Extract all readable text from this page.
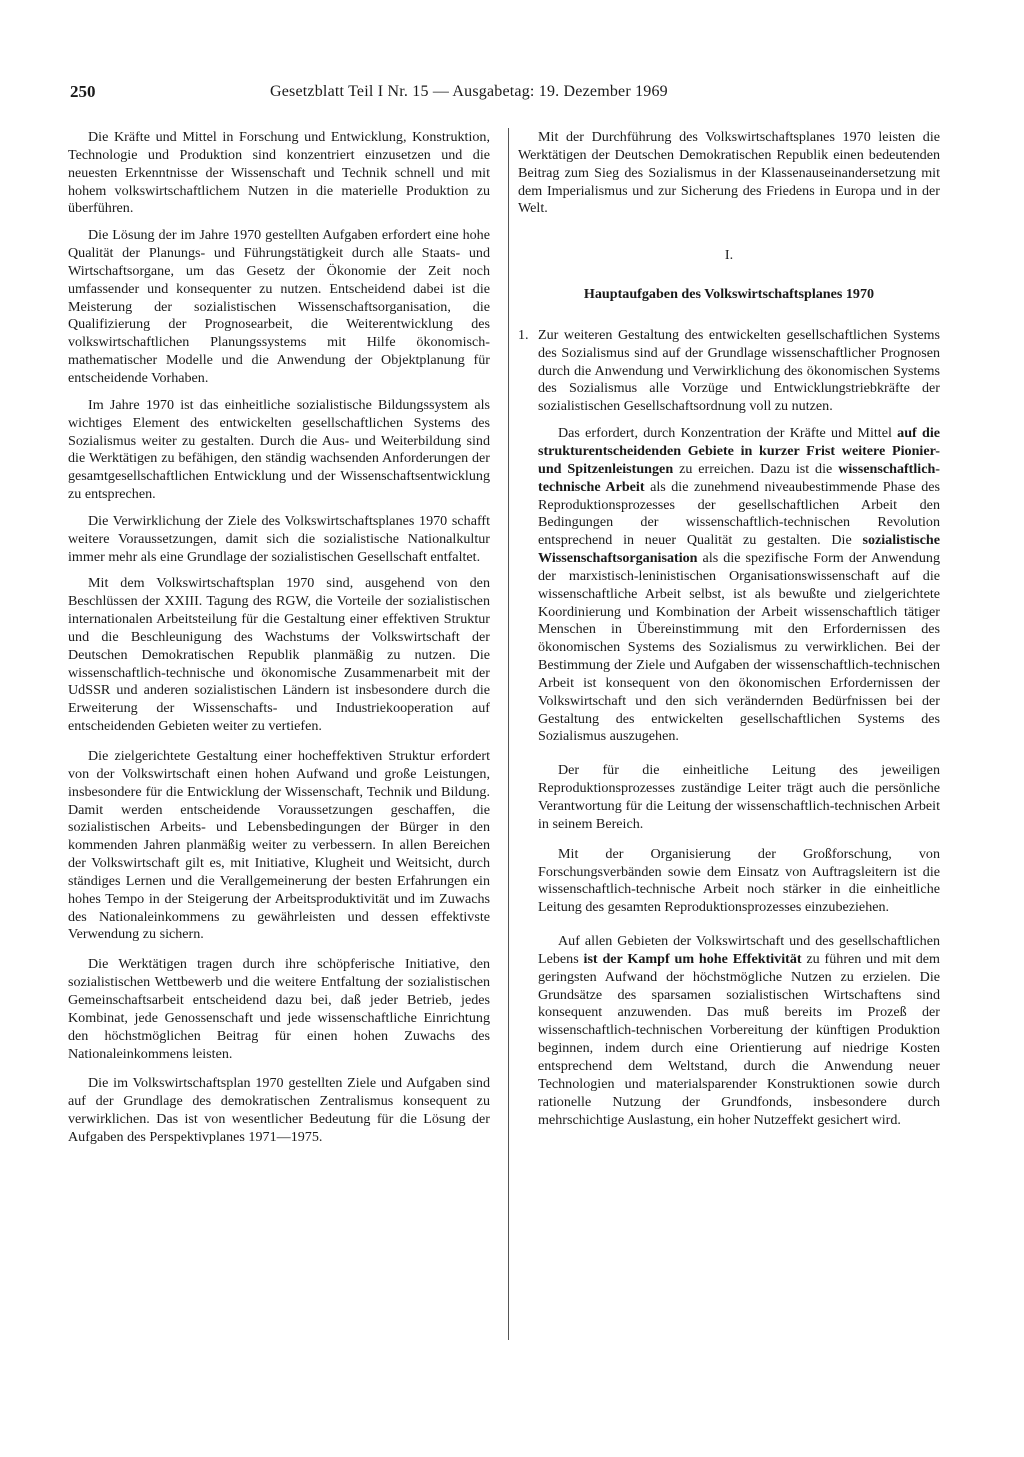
250	Gesetzblatt Teil I Nr. 15 — Ausgabetag: 19. Dezember 1969

Die Kräfte und Mittel in Forschung und Entwicklung, Konstruktion, Technologie und Produktion sind konzentriert einzusetzen und die neuesten Erkenntnisse der Wissenschaft und Technik schnell und mit hohem volkswirtschaftlichem Nutzen in die materielle Produktion zu überführen.

Die Lösung der im Jahre 1970 gestellten Aufgaben erfordert eine hohe Qualität der Planungs- und Führungstätigkeit durch alle Staats- und Wirtschaftsorgane, um das Gesetz der Ökonomie der Zeit noch umfassender und konsequenter zu nutzen. Entscheidend dabei ist die Meisterung der sozialistischen Wissenschaftsorganisation, die Qualifizierung der Prognosearbeit, die Weiterentwicklung des volkswirtschaftlichen Planungssystems mit Hilfe ökonomisch-mathematischer Modelle und die Anwendung der Objektplanung für entscheidende Vorhaben.

Im Jahre 1970 ist das einheitliche sozialistische Bildungssystem als wichtiges Element des entwickelten gesellschaftlichen Systems des Sozialismus weiter zu gestalten. Durch die Aus- und Weiterbildung sind die Werktätigen zu befähigen, den ständig wachsenden Anforderungen der gesamtgesellschaftlichen Entwicklung und der Wissenschaftsentwicklung zu entsprechen.

Die Verwirklichung der Ziele des Volkswirtschaftsplanes 1970 schafft weitere Voraussetzungen, damit sich die sozialistische Nationalkultur immer mehr als eine Grundlage der sozialistischen Gesellschaft entfaltet.

Mit dem Volkswirtschaftsplan 1970 sind, ausgehend von den Beschlüssen der XXIII. Tagung des RGW, die Vorteile der sozialistischen internationalen Arbeitsteilung für die Gestaltung einer effektiven Struktur und die Beschleunigung des Wachstums der Volkswirtschaft der Deutschen Demokratischen Republik planmäßig zu nutzen. Die wissenschaftlich-technische und ökonomische Zusammenarbeit mit der UdSSR und anderen sozialistischen Ländern ist insbesondere durch die Erweiterung der Wissenschafts- und Industriekooperation auf entscheidenden Gebieten weiter zu vertiefen.

Die zielgerichtete Gestaltung einer hocheffektiven Struktur erfordert von der Volkswirtschaft einen hohen Aufwand und große Leistungen, insbesondere für die Entwicklung der Wissenschaft, Technik und Bildung. Damit werden entscheidende Voraussetzungen geschaffen, die sozialistischen Arbeits- und Lebensbedingungen der Bürger in den kommenden Jahren planmäßig weiter zu verbessern. In allen Bereichen der Volkswirtschaft gilt es, mit Initiative, Klugheit und Weitsicht, durch ständiges Lernen und die Verallgemeinerung der besten Erfahrungen ein hohes Tempo in der Steigerung der Arbeitsproduktivität und im Zuwachs des Nationaleinkommens zu gewährleisten und dessen effektivste Verwendung zu sichern.

Die Werktätigen tragen durch ihre schöpferische Initiative, den sozialistischen Wettbewerb und die weitere Entfaltung der sozialistischen Gemeinschaftsarbeit entscheidend dazu bei, daß jeder Betrieb, jedes Kombinat, jede Genossenschaft und jede wissenschaftliche Einrichtung den höchstmöglichen Beitrag für einen hohen Zuwachs des Nationaleinkommens leisten.

Die im Volkswirtschaftsplan 1970 gestellten Ziele und Aufgaben sind auf der Grundlage des demokratischen Zentralismus konsequent zu verwirklichen. Das ist von wesentlicher Bedeutung für die Lösung der Aufgaben des Perspektivplanes 1971—1975.

Mit der Durchführung des Volkswirtschaftsplanes 1970 leisten die Werktätigen der Deutschen Demokratischen Republik einen bedeutenden Beitrag zum Sieg des Sozialismus in der Klassenauseinandersetzung mit dem Imperialismus und zur Sicherung des Friedens in Europa und in der Welt.

I.

Hauptaufgaben des Volkswirtschaftsplanes 1970

1. Zur weiteren Gestaltung des entwickelten gesellschaftlichen Systems des Sozialismus sind auf der Grundlage wissenschaftlicher Prognosen durch die Anwendung und Verwirklichung des ökonomischen Systems des Sozialismus alle Vorzüge und Entwicklungstriebkräfte der sozialistischen Gesellschaftsordnung voll zu nutzen.

Das erfordert, durch Konzentration der Kräfte und Mittel auf die strukturentscheidenden Gebiete in kurzer Frist weitere Pionier- und Spitzenleistungen zu erreichen. Dazu ist die wissenschaftlich-technische Arbeit als die zunehmend niveaubestimmende Phase des Reproduktionsprozesses der gesellschaftlichen Arbeit den Bedingungen der wissenschaftlich-technischen Revolution entsprechend in neuer Qualität zu gestalten. Die sozialistische Wissenschaftsorganisation als die spezifische Form der Anwendung der marxistisch-leninistischen Organisationswissenschaft auf die wissenschaftliche Arbeit selbst, ist als bewußte und zielgerichtete Koordinierung und Kombination der Arbeit wissenschaftlich tätiger Menschen in Übereinstimmung mit den Erfordernissen des ökonomischen Systems des Sozialismus zu verwirklichen. Bei der Bestimmung der Ziele und Aufgaben der wissenschaftlich-technischen Arbeit ist konsequent von den ökonomischen Erfordernissen der Volkswirtschaft und den sich verändernden Bedürfnissen bei der Gestaltung des entwickelten gesellschaftlichen Systems des Sozialismus auszugehen.

Der für die einheitliche Leitung des jeweiligen Reproduktionsprozesses zuständige Leiter trägt auch die persönliche Verantwortung für die Leitung der wissenschaftlich-technischen Arbeit in seinem Bereich.

Mit der Organisierung der Großforschung, von Forschungsverbänden sowie dem Einsatz von Auftragsleitern ist die wissenschaftlich-technische Arbeit noch stärker in die einheitliche Leitung des gesamten Reproduktionsprozesses einzubeziehen.

Auf allen Gebieten der Volkswirtschaft und des gesellschaftlichen Lebens ist der Kampf um hohe Effektivität zu führen und mit dem geringsten Aufwand der höchstmögliche Nutzen zu erzielen. Die Grundsätze des sparsamen sozialistischen Wirtschaftens sind konsequent anzuwenden. Das muß bereits im Prozeß der wissenschaftlich-technischen Vorbereitung der künftigen Produktion beginnen, indem durch eine Orientierung auf niedrige Kosten entsprechend dem Weltstand, durch die Anwendung neuer Technologien und materialsparender Konstruktionen sowie durch rationelle Nutzung der Grundfonds, insbesondere durch mehrschichtige Auslastung, ein hoher Nutzeffekt gesichert wird.
